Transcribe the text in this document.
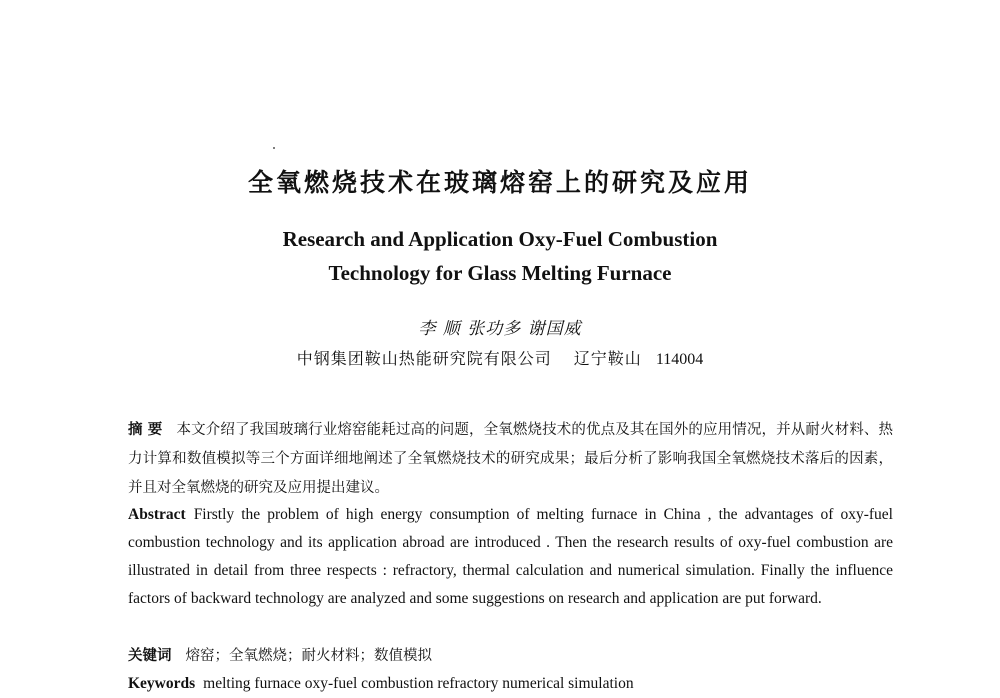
全氧燃烧技术在玻璃熔窑上的研究及应用
Research and Application Oxy-Fuel Combustion
Technology for Glass Melting Furnace
李 顺 张功多 谢国威
中钢集团鞍山热能研究院有限公司 辽宁鞍山 114004
摘 要 本文介绍了我国玻璃行业熔窑能耗过高的问题，全氧燃烧技术的优点及其在国外的应用情况，并从耐火材料、热力计算和数值模拟等三个方面详细地阐述了全氧燃烧技术的研究成果；最后分析了影响我国全氧燃烧技术落后的因素，并且对全氧燃烧的研究及应用提出建议。
Abstract Firstly the problem of high energy consumption of melting furnace in China , the advantages of oxy-fuel combustion technology and its application abroad are introduced . Then the research results of oxy-fuel combustion are illustrated in detail from three respects : refractory, thermal calculation and numerical simulation. Finally the influence factors of backward technology are analyzed and some suggestions on research and application are put forward.
关键词 熔窑；全氧燃烧；耐火材料；数值模拟
Keywords melting furnace oxy-fuel combustion refractory numerical simulation
